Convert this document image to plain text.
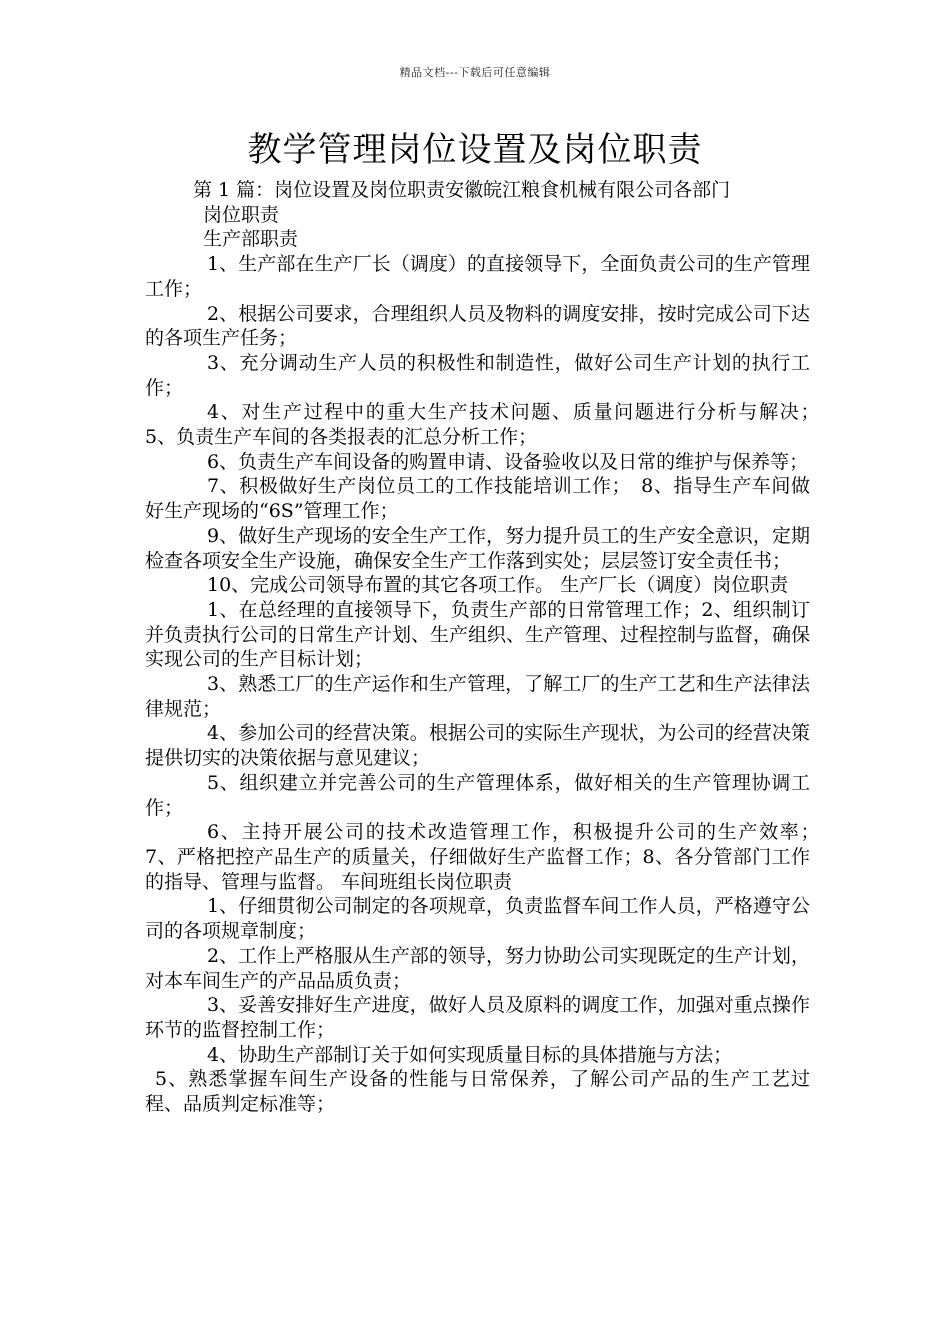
精品文档---下载后可任意编辑
教学管理岗位设置及岗位职责

第 1 篇：岗位设置及岗位职责安徽皖江粮食机械有限公司各部门

岗位职责

生产部职责

1、生产部在生产厂长（调度）的直接领导下，全面负责公司的生产管理工作；

2、根据公司要求，合理组织人员及物料的调度安排，按时完成公司下达的各项生产任务；

3、充分调动生产人员的积极性和制造性，做好公司生产计划的执行工作；

4、对生产过程中的重大生产技术问题、质量问题进行分析与解决；　5、负责生产车间的各类报表的汇总分析工作；

6、负责生产车间设备的购置申请、设备验收以及日常的维护与保养等；

7、积极做好生产岗位员工的工作技能培训工作；　8、指导生产车间做好生产现场的“6S”管理工作；

9、做好生产现场的安全生产工作，努力提升员工的生产安全意识，定期检查各项安全生产设施，确保安全生产工作落到实处；层层签订安全责任书；

10、完成公司领导布置的其它各项工作。 生产厂长（调度）岗位职责

1、在总经理的直接领导下，负责生产部的日常管理工作；2、组织制订并负责执行公司的日常生产计划、生产组织、生产管理、过程控制与监督，确保实现公司的生产目标计划；

3、熟悉工厂的生产运作和生产管理，了解工厂的生产工艺和生产法律法律规范；

4、参加公司的经营决策。根据公司的实际生产现状，为公司的经营决策提供切实的决策依据与意见建议；

5、组织建立并完善公司的生产管理体系，做好相关的生产管理协调工作；

6、主持开展公司的技术改造管理工作，积极提升公司的生产效率；　7、严格把控产品生产的质量关，仔细做好生产监督工作；8、各分管部门工作的指导、管理与监督。 车间班组长岗位职责

1、仔细贯彻公司制定的各项规章，负责监督车间工作人员，严格遵守公司的各项规章制度；

2、工作上严格服从生产部的领导，努力协助公司实现既定的生产计划，对本车间生产的产品品质负责；

3、妥善安排好生产进度，做好人员及原料的调度工作，加强对重点操作环节的监督控制工作；

4、协助生产部制订关于如何实现质量目标的具体措施与方法；

5、熟悉掌握车间生产设备的性能与日常保养，了解公司产品的生产工艺过程、品质判定标准等；
